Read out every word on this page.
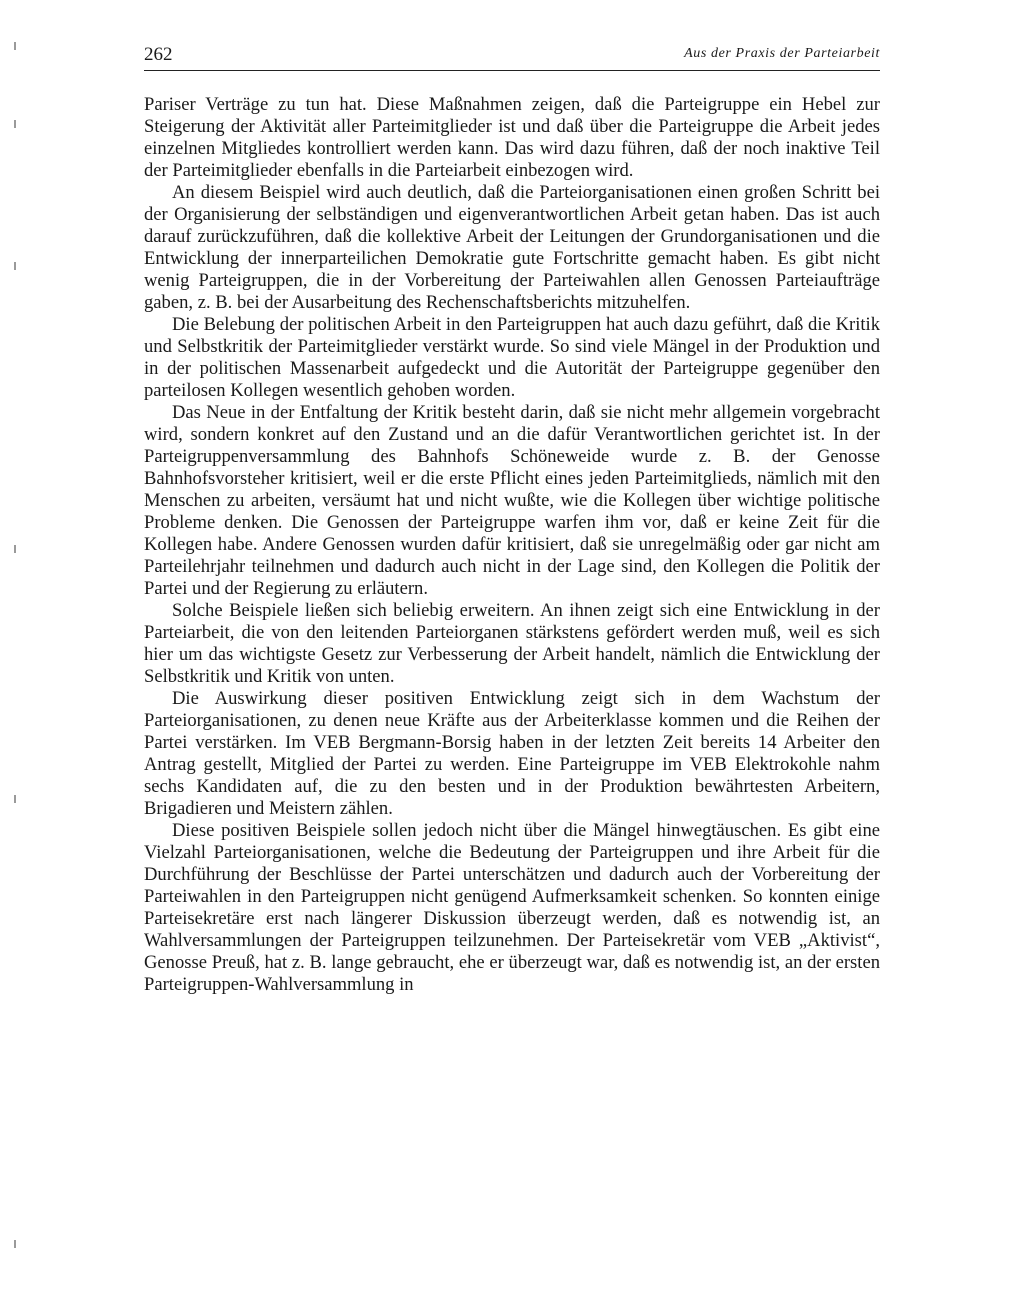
262	Aus der Praxis der Parteiarbeit

Pariser Verträge zu tun hat. Diese Maßnahmen zeigen, daß die Parteigruppe ein Hebel zur Steigerung der Aktivität aller Parteimitglieder ist und daß über die Parteigruppe die Arbeit jedes einzelnen Mitgliedes kontrolliert werden kann. Das wird dazu führen, daß der noch inaktive Teil der Parteimitglieder ebenfalls in die Parteiarbeit einbezogen wird.

An diesem Beispiel wird auch deutlich, daß die Parteiorganisationen einen großen Schritt bei der Organisierung der selbständigen und eigenverantwortlichen Arbeit getan haben. Das ist auch darauf zurückzuführen, daß die kollektive Arbeit der Leitungen der Grundorganisationen und die Entwicklung der innerparteilichen Demokratie gute Fortschritte gemacht haben. Es gibt nicht wenig Parteigruppen, die in der Vorbereitung der Parteiwahlen allen Genossen Parteiaufträge gaben, z. B. bei der Ausarbeitung des Rechenschaftsberichts mitzuhelfen.

Die Belebung der politischen Arbeit in den Parteigruppen hat auch dazu geführt, daß die Kritik und Selbstkritik der Parteimitglieder verstärkt wurde. So sind viele Mängel in der Produktion und in der politischen Massenarbeit aufgedeckt und die Autorität der Parteigruppe gegenüber den parteilosen Kollegen wesentlich gehoben worden.

Das Neue in der Entfaltung der Kritik besteht darin, daß sie nicht mehr allgemein vorgebracht wird, sondern konkret auf den Zustand und an die dafür Verantwortlichen gerichtet ist. In der Parteigruppenversammlung des Bahnhofs Schöneweide wurde z. B. der Genosse Bahnhofsvorsteher kritisiert, weil er die erste Pflicht eines jeden Parteimitglieds, nämlich mit den Menschen zu arbeiten, versäumt hat und nicht wußte, wie die Kollegen über wichtige politische Probleme denken. Die Genossen der Parteigruppe warfen ihm vor, daß er keine Zeit für die Kollegen habe. Andere Genossen wurden dafür kritisiert, daß sie unregelmäßig oder gar nicht am Parteilehrjahr teilnehmen und dadurch auch nicht in der Lage sind, den Kollegen die Politik der Partei und der Regierung zu erläutern.

Solche Beispiele ließen sich beliebig erweitern. An ihnen zeigt sich eine Entwicklung in der Parteiarbeit, die von den leitenden Parteiorganen stärkstens gefördert werden muß, weil es sich hier um das wichtigste Gesetz zur Verbesserung der Arbeit handelt, nämlich die Entwicklung der Selbstkritik und Kritik von unten.

Die Auswirkung dieser positiven Entwicklung zeigt sich in dem Wachstum der Parteiorganisationen, zu denen neue Kräfte aus der Arbeiterklasse kommen und die Reihen der Partei verstärken. Im VEB Bergmann-Borsig haben in der letzten Zeit bereits 14 Arbeiter den Antrag gestellt, Mitglied der Partei zu werden. Eine Parteigruppe im VEB Elektrokohle nahm sechs Kandidaten auf, die zu den besten und in der Produktion bewährtesten Arbeitern, Brigadieren und Meistern zählen.

Diese positiven Beispiele sollen jedoch nicht über die Mängel hinwegtäuschen. Es gibt eine Vielzahl Parteiorganisationen, welche die Bedeutung der Parteigruppen und ihre Arbeit für die Durchführung der Beschlüsse der Partei unterschätzen und dadurch auch der Vorbereitung der Parteiwahlen in den Parteigruppen nicht genügend Aufmerksamkeit schenken. So konnten einige Parteisekretäre erst nach längerer Diskussion überzeugt werden, daß es notwendig ist, an Wahlversammlungen der Parteigruppen teilzunehmen. Der Parteisekretär vom VEB „Aktivist“, Genosse Preuß, hat z. B. lange gebraucht, ehe er überzeugt war, daß es notwendig ist, an der ersten Parteigruppen-Wahlversammlung in
